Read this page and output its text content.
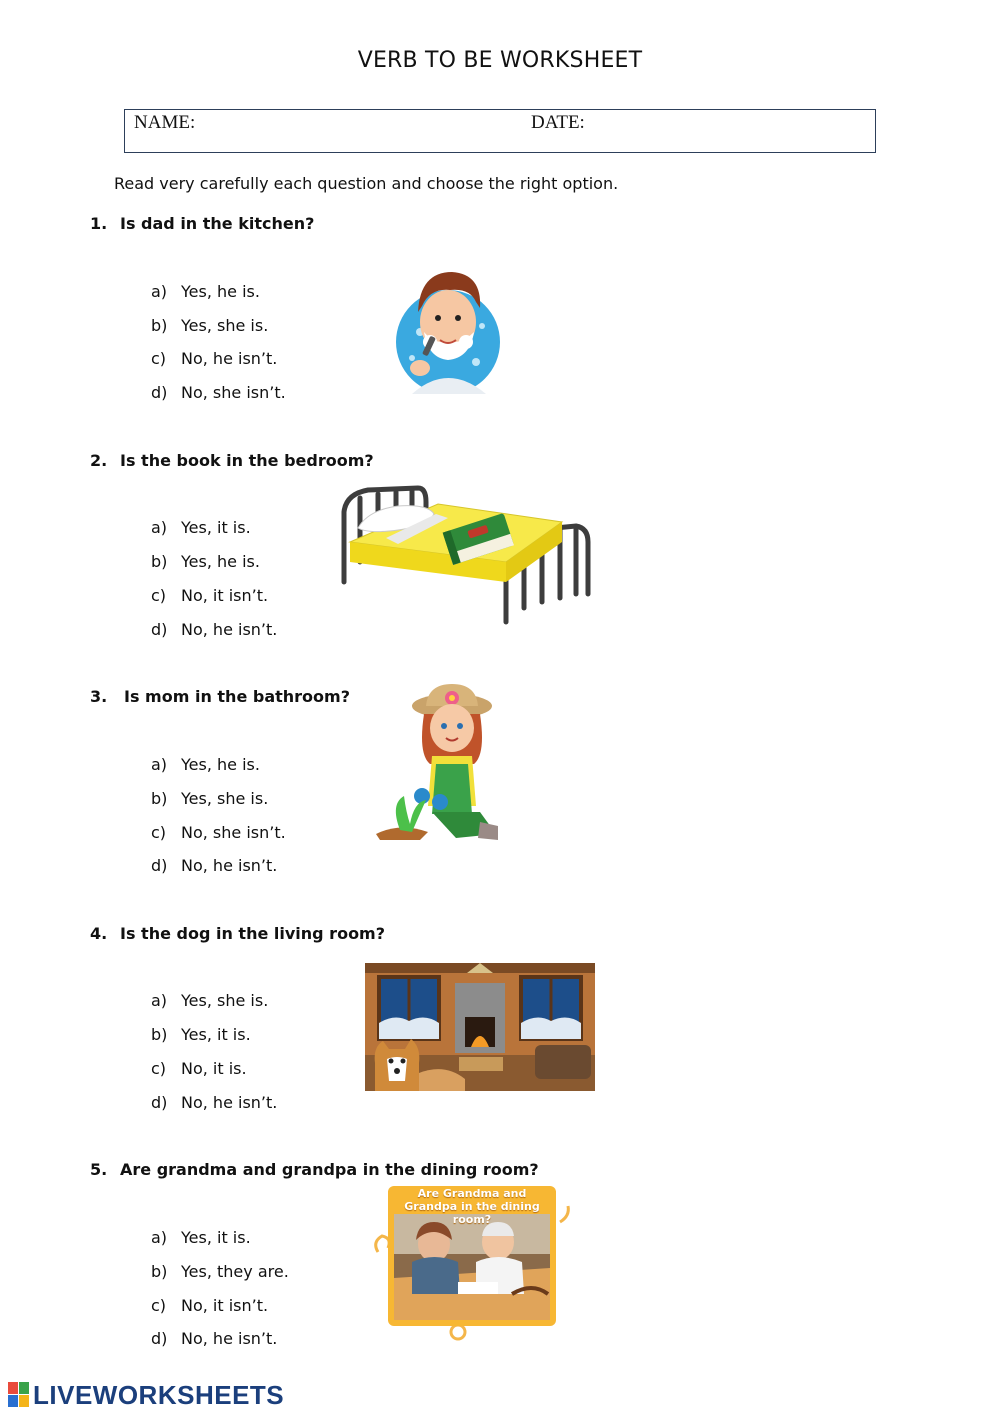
VERB TO BE WORKSHEET
NAME:	DATE:
Read very carefully each question and choose the right option.
1. Is dad in the kitchen?
a) Yes, he is.
b) Yes, she is.
c) No, he isn’t.
d) No, she isn’t.
2. Is the book in the bedroom?
a) Yes, it is.
b) Yes, he is.
c) No, it isn’t.
d) No, he isn’t.
3. Is mom in the bathroom?
a) Yes, he is.
b) Yes, she is.
c) No, she isn’t.
d) No, he isn’t.
4. Is the dog in the living room?
a) Yes, she is.
b) Yes, it is.
c) No, it is.
d) No, he isn’t.
5. Are grandma and grandpa in the dining room?
a) Yes, it is.
b) Yes, they are.
c) No, it isn’t.
d) No, he isn’t.
Are Grandma and Grandpa in the dining room?
LIVEWORKSHEETS
